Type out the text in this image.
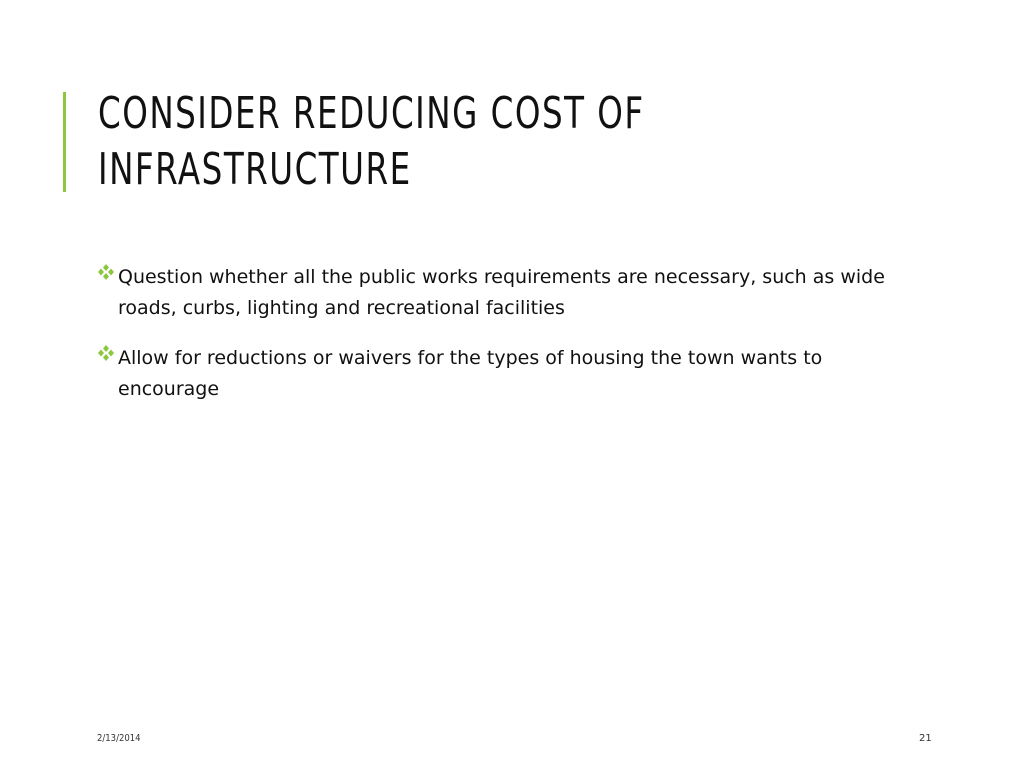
CONSIDER REDUCING COST OF INFRASTRUCTURE
Question whether all the public works requirements are necessary, such as wide roads, curbs, lighting and recreational facilities
Allow for reductions or waivers for the types of housing the town wants to encourage
2/13/2014	21
